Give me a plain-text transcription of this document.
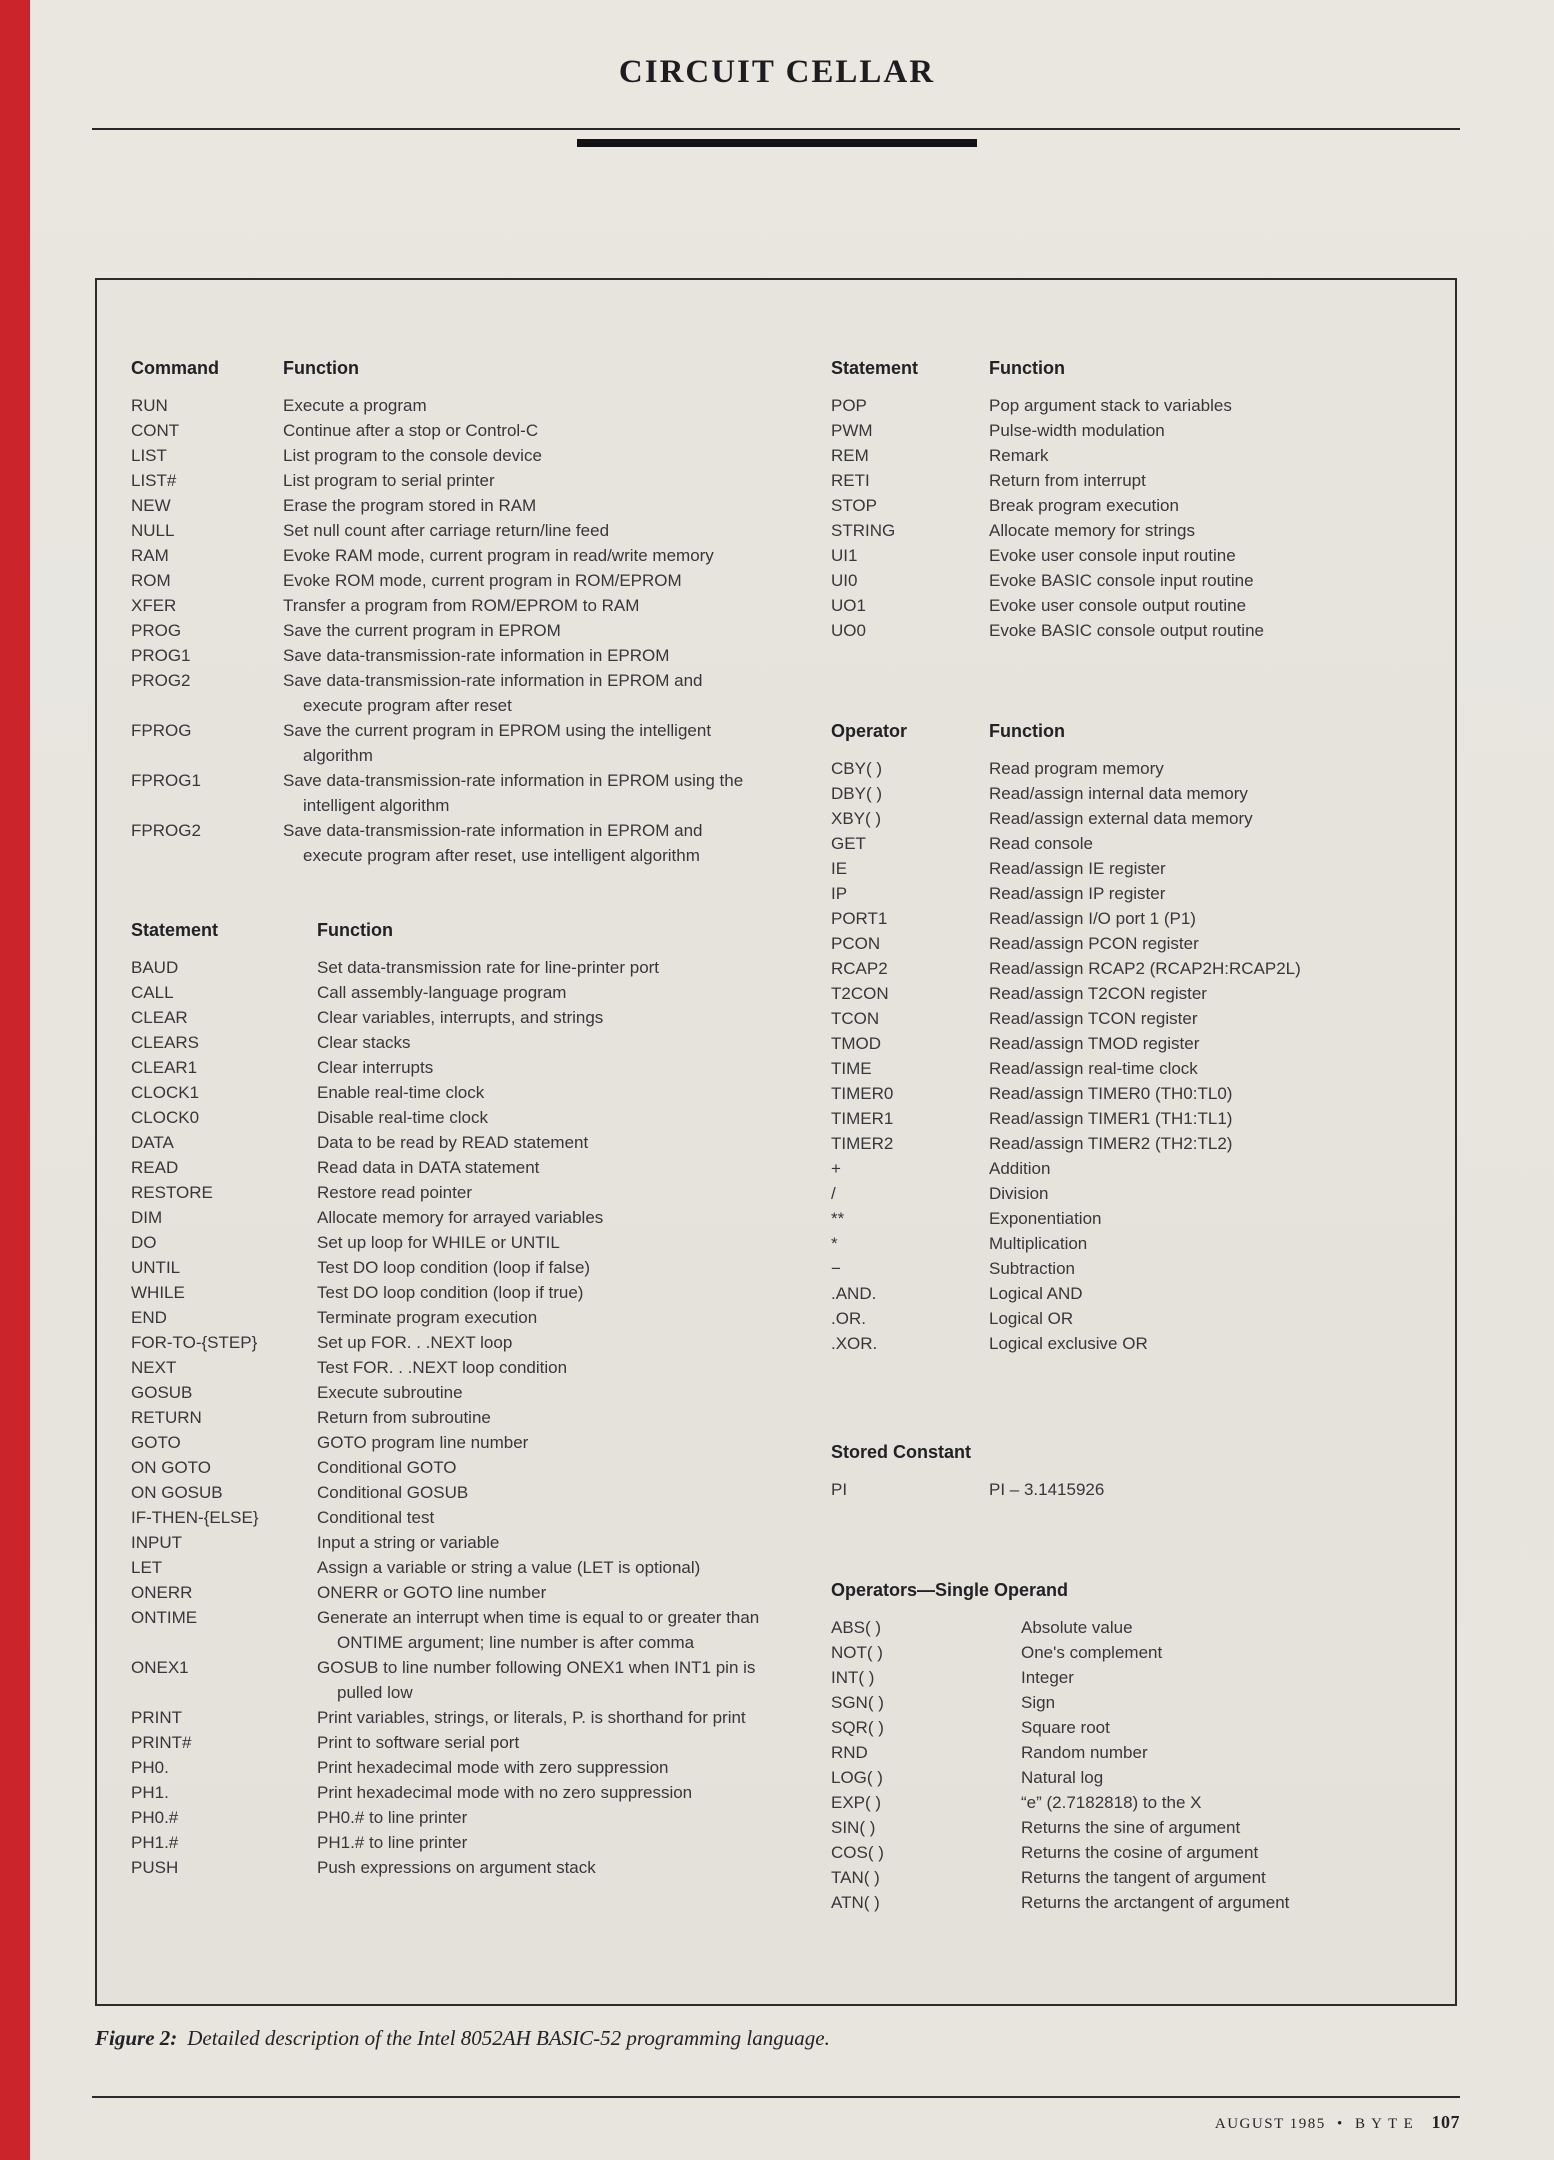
CIRCUIT CELLAR
Command	Function
RUN	Execute a program
CONT	Continue after a stop or Control-C
LIST	List program to the console device
LIST#	List program to serial printer
NEW	Erase the program stored in RAM
NULL	Set null count after carriage return/line feed
RAM	Evoke RAM mode, current program in read/write memory
ROM	Evoke ROM mode, current program in ROM/EPROM
XFER	Transfer a program from ROM/EPROM to RAM
PROG	Save the current program in EPROM
PROG1	Save data-transmission-rate information in EPROM
PROG2	Save data-transmission-rate information in EPROM and execute program after reset
FPROG	Save the current program in EPROM using the intelligent algorithm
FPROG1	Save data-transmission-rate information in EPROM using the intelligent algorithm
FPROG2	Save data-transmission-rate information in EPROM and execute program after reset, use intelligent algorithm
Statement	Function
BAUD	Set data-transmission rate for line-printer port
CALL	Call assembly-language program
CLEAR	Clear variables, interrupts, and strings
CLEARS	Clear stacks
CLEAR1	Clear interrupts
CLOCK1	Enable real-time clock
CLOCK0	Disable real-time clock
DATA	Data to be read by READ statement
READ	Read data in DATA statement
RESTORE	Restore read pointer
DIM	Allocate memory for arrayed variables
DO	Set up loop for WHILE or UNTIL
UNTIL	Test DO loop condition (loop if false)
WHILE	Test DO loop condition (loop if true)
END	Terminate program execution
FOR-TO-{STEP}	Set up FOR. . .NEXT loop
NEXT	Test FOR. . .NEXT loop condition
GOSUB	Execute subroutine
RETURN	Return from subroutine
GOTO	GOTO program line number
ON GOTO	Conditional GOTO
ON GOSUB	Conditional GOSUB
IF-THEN-{ELSE}	Conditional test
INPUT	Input a string or variable
LET	Assign a variable or string a value (LET is optional)
ONERR	ONERR or GOTO line number
ONTIME	Generate an interrupt when time is equal to or greater than ONTIME argument; line number is after comma
ONEX1	GOSUB to line number following ONEX1 when INT1 pin is pulled low
PRINT	Print variables, strings, or literals, P. is shorthand for print
PRINT#	Print to software serial port
PH0.	Print hexadecimal mode with zero suppression
PH1.	Print hexadecimal mode with no zero suppression
PH0.#	PH0.# to line printer
PH1.#	PH1.# to line printer
PUSH	Push expressions on argument stack
Statement	Function
POP	Pop argument stack to variables
PWM	Pulse-width modulation
REM	Remark
RETI	Return from interrupt
STOP	Break program execution
STRING	Allocate memory for strings
UI1	Evoke user console input routine
UI0	Evoke BASIC console input routine
UO1	Evoke user console output routine
UO0	Evoke BASIC console output routine
Operator	Function
CBY( )	Read program memory
DBY( )	Read/assign internal data memory
XBY( )	Read/assign external data memory
GET	Read console
IE	Read/assign IE register
IP	Read/assign IP register
PORT1	Read/assign I/O port 1 (P1)
PCON	Read/assign PCON register
RCAP2	Read/assign RCAP2 (RCAP2H:RCAP2L)
T2CON	Read/assign T2CON register
TCON	Read/assign TCON register
TMOD	Read/assign TMOD register
TIME	Read/assign real-time clock
TIMER0	Read/assign TIMER0 (TH0:TL0)
TIMER1	Read/assign TIMER1 (TH1:TL1)
TIMER2	Read/assign TIMER2 (TH2:TL2)
+	Addition
/	Division
**	Exponentiation
*	Multiplication
−	Subtraction
.AND.	Logical AND
.OR.	Logical OR
.XOR.	Logical exclusive OR
Stored Constant
PI	PI – 3.1415926
Operators—Single Operand
ABS( )	Absolute value
NOT( )	One's complement
INT( )	Integer
SGN( )	Sign
SQR( )	Square root
RND	Random number
LOG( )	Natural log
EXP( )	“e” (2.7182818) to the X
SIN( )	Returns the sine of argument
COS( )	Returns the cosine of argument
TAN( )	Returns the tangent of argument
ATN( )	Returns the arctangent of argument

Figure 2: Detailed description of the Intel 8052AH BASIC-52 programming language.

AUGUST 1985 • B Y T E 107
